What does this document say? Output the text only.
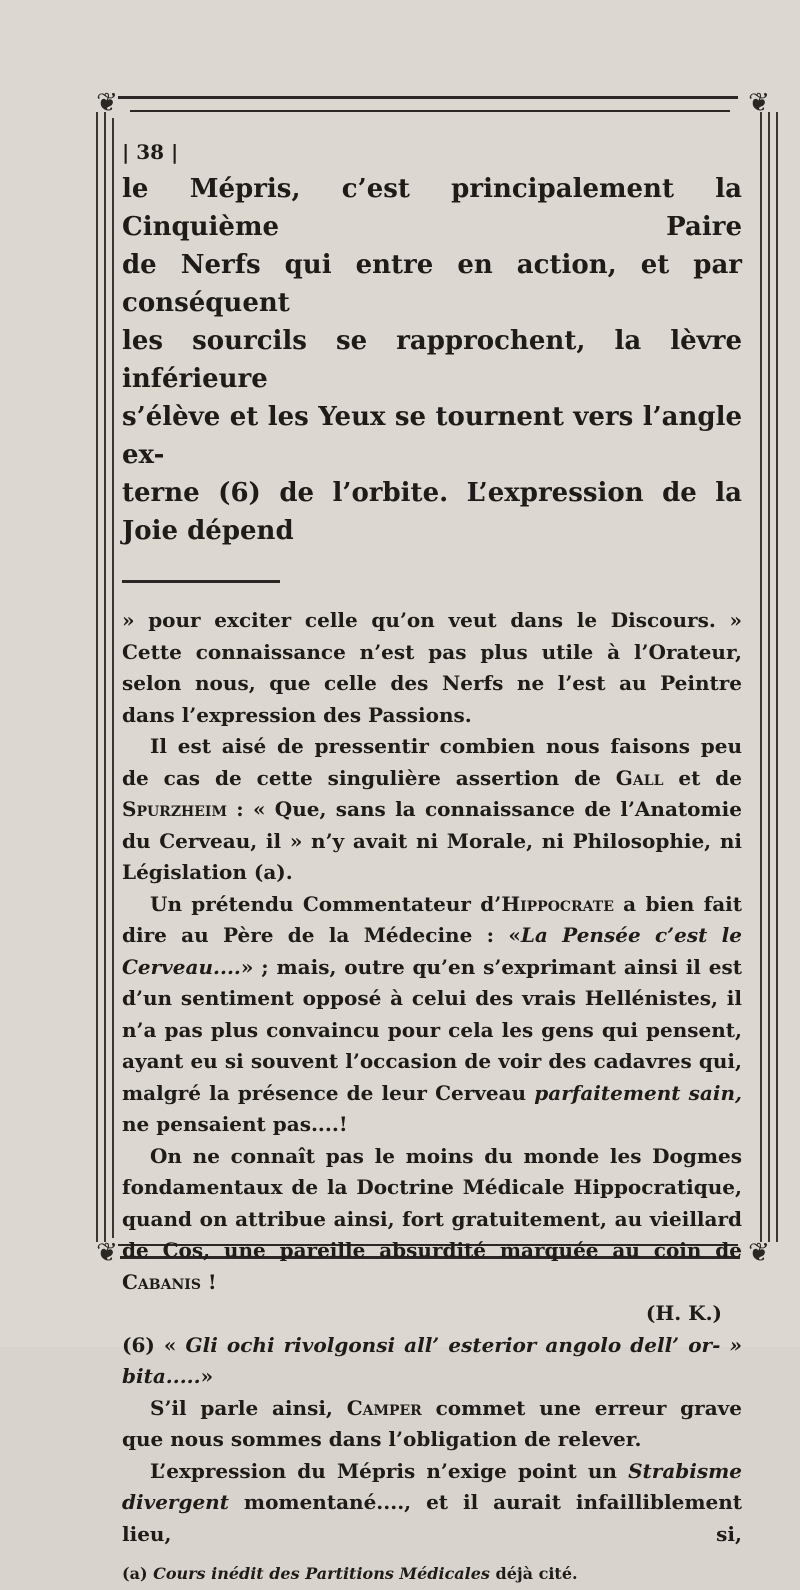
❦	❦
❦	❦
| 38 |

le Mépris, c’est principalement la Cinquième Paire

de Nerfs qui entre en action, et par conséquent

les sourcils se rapprochent, la lèvre inférieure

s’élève et les Yeux se tournent vers l’angle ex-

terne (6) de l’orbite. L’expression de la Joie dépend

» pour exciter celle qu’on veut dans le Discours. » Cette connaissance n’est pas plus utile à l’Orateur, selon nous, que celle des Nerfs ne l’est au Peintre dans l’expression des Passions.

Il est aisé de pressentir combien nous faisons peu de cas de cette singulière assertion de Gall et de Spurzheim : « Que, sans la connaissance de l’Anatomie du Cerveau, il » n’y avait ni Morale, ni Philosophie, ni Législation (a).

Un prétendu Commentateur d’Hippocrate a bien fait dire au Père de la Médecine : «La Pensée c’est le Cerveau....» ; mais, outre qu’en s’exprimant ainsi il est d’un sentiment opposé à celui des vrais Hellénistes, il n’a pas plus convaincu pour cela les gens qui pensent, ayant eu si souvent l’occasion de voir des cadavres qui, malgré la présence de leur Cerveau parfaitement sain, ne pensaient pas....!

On ne connaît pas le moins du monde les Dogmes fondamentaux de la Doctrine Médicale Hippocratique, quand on attribue ainsi, fort gratuitement, au vieillard de Cos, une pareille absurdité marquée au coin de Cabanis !

(H. K.)

(6) « Gli ochi rivolgonsi all’ esterior angolo dell’ or- » bita.....»

S’il parle ainsi, Camper commet une erreur grave que nous sommes dans l’obligation de relever.

L’expression du Mépris n’exige point un Strabisme divergent momentané...., et il aurait infailliblement lieu, si,

(a) Cours inédit des Partitions Médicales déjà cité.
